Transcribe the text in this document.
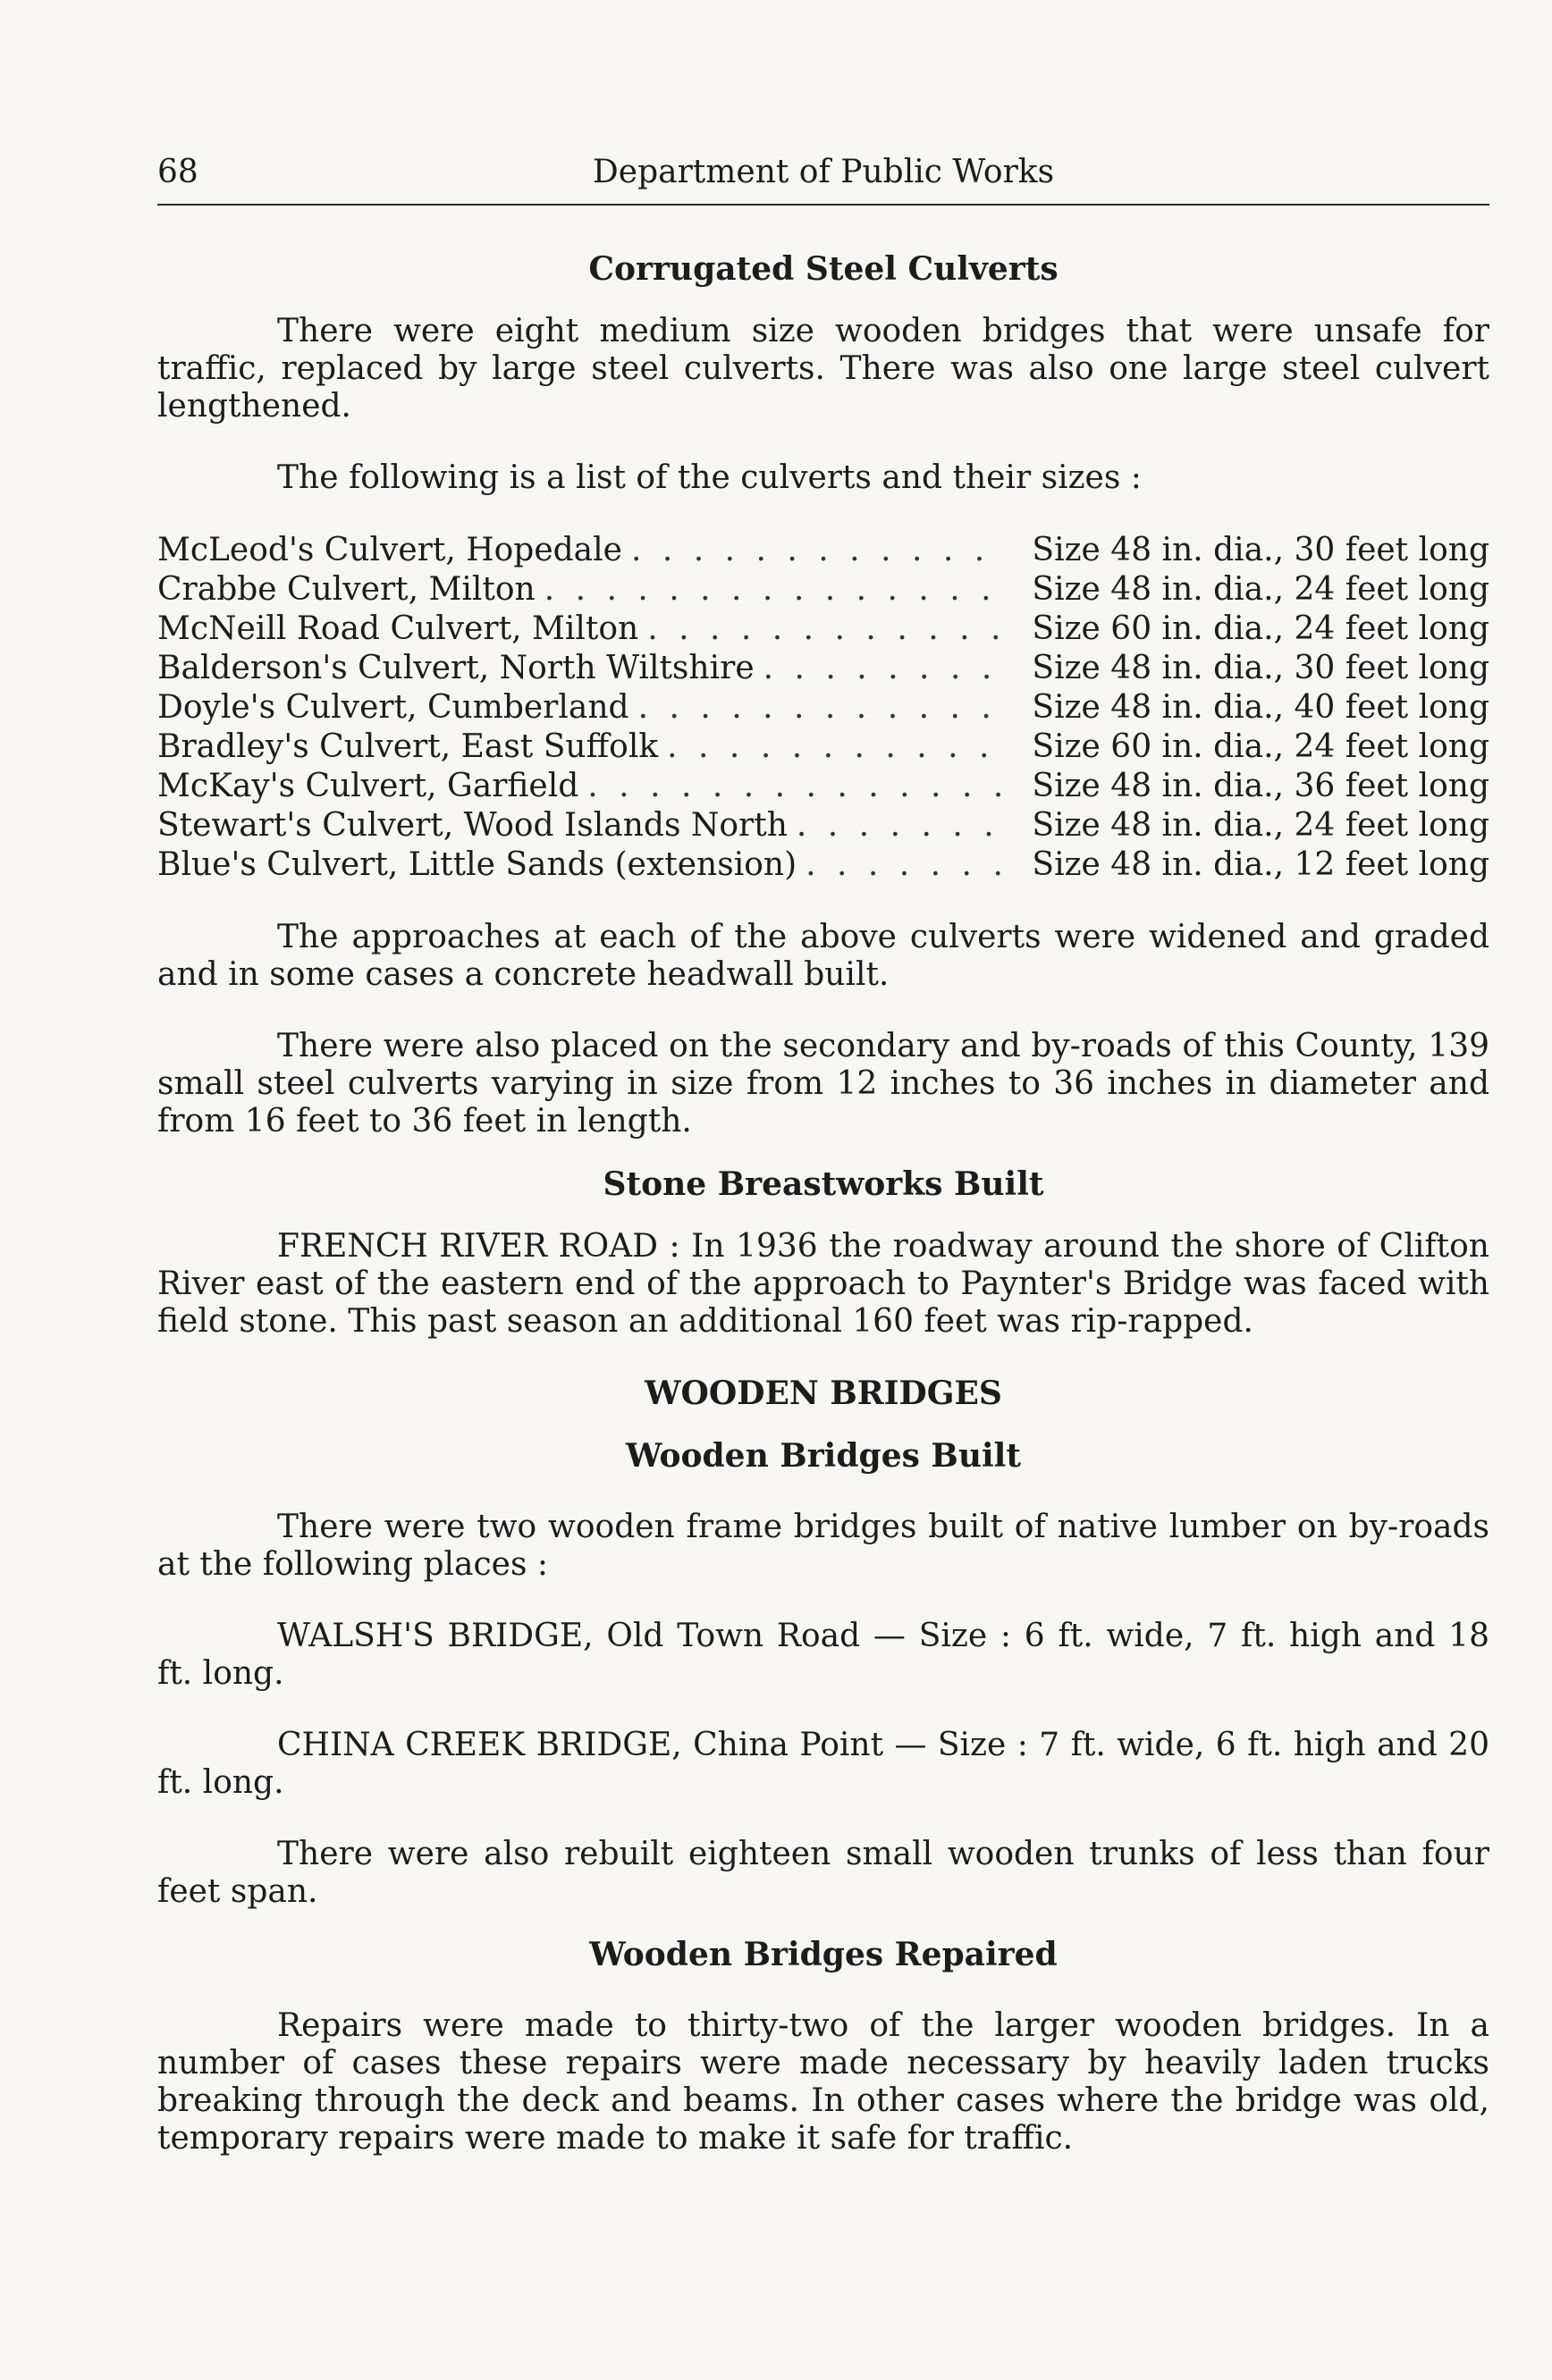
68	Department of Public Works
Corrugated Steel Culverts

There were eight medium size wooden bridges that were unsafe for traffic, replaced by large steel culverts. There was also one large steel culvert lengthened.

The following is a list of the culverts and their sizes :

McLeod's Culvert, Hopedale . . .	Size 48 in. dia., 30 feet long
Crabbe Culvert, Milton . . .	Size 48 in. dia., 24 feet long
McNeill Road Culvert, Milton . . .	Size 60 in. dia., 24 feet long
Balderson's Culvert, North Wiltshire . . .	Size 48 in. dia., 30 feet long
Doyle's Culvert, Cumberland . . .	Size 48 in. dia., 40 feet long
Bradley's Culvert, East Suffolk . . .	Size 60 in. dia., 24 feet long
McKay's Culvert, Garfield . . .	Size 48 in. dia., 36 feet long
Stewart's Culvert, Wood Islands North . . .	Size 48 in. dia., 24 feet long
Blue's Culvert, Little Sands (extension) . . .	Size 48 in. dia., 12 feet long

The approaches at each of the above culverts were widened and graded and in some cases a concrete headwall built.

There were also placed on the secondary and by-roads of this County, 139 small steel culverts varying in size from 12 inches to 36 inches in diameter and from 16 feet to 36 feet in length.

Stone Breastworks Built

FRENCH RIVER ROAD : In 1936 the roadway around the shore of Clifton River east of the eastern end of the approach to Paynter's Bridge was faced with field stone. This past season an additional 160 feet was rip-rapped.

WOODEN BRIDGES
Wooden Bridges Built

There were two wooden frame bridges built of native lumber on by-roads at the following places :

WALSH'S BRIDGE, Old Town Road — Size : 6 ft. wide, 7 ft. high and 18 ft. long.

CHINA CREEK BRIDGE, China Point — Size : 7 ft. wide, 6 ft. high and 20 ft. long.

There were also rebuilt eighteen small wooden trunks of less than four feet span.

Wooden Bridges Repaired

Repairs were made to thirty-two of the larger wooden bridges. In a number of cases these repairs were made necessary by heavily laden trucks breaking through the deck and beams. In other cases where the bridge was old, temporary repairs were made to make it safe for traffic.
